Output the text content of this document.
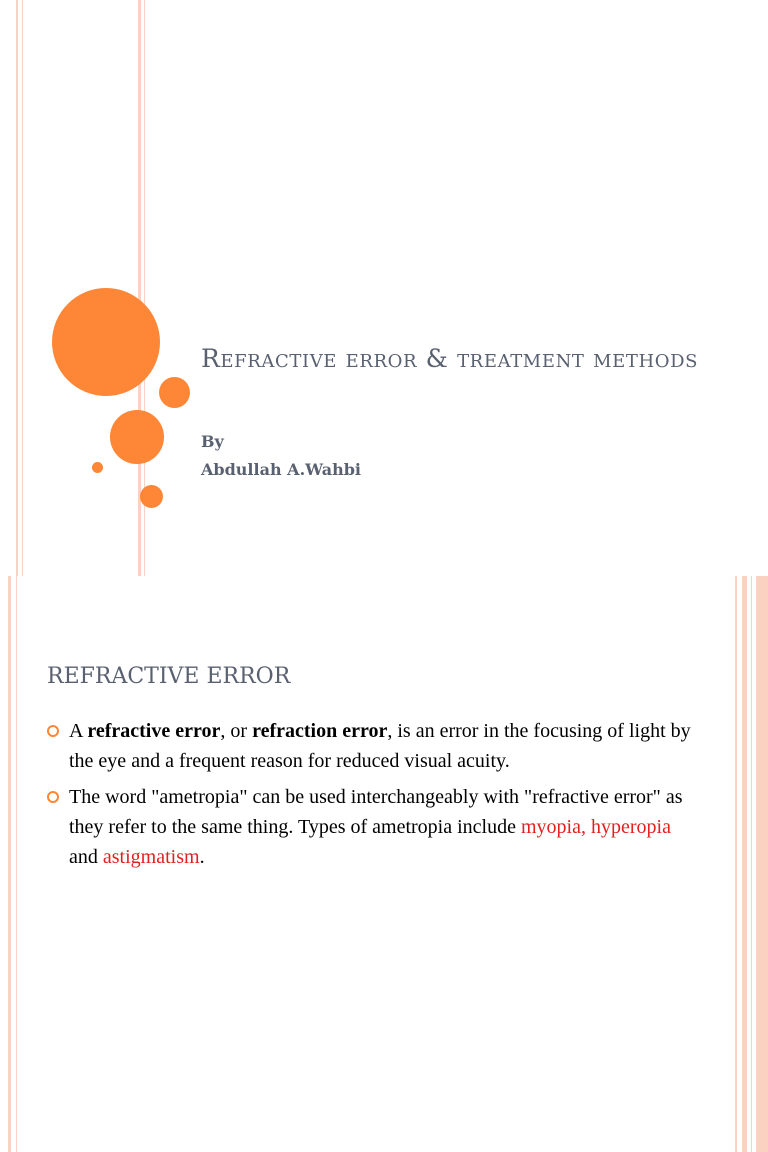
Refractive error & treatment methods
By
Abdullah A.Wahbi
REFRACTIVE ERROR
A refractive error, or refraction error, is an error in the focusing of light by the eye and a frequent reason for reduced visual acuity.
The word "ametropia" can be used interchangeably with "refractive error" as they refer to the same thing. Types of ametropia include myopia, hyperopia and astigmatism.
